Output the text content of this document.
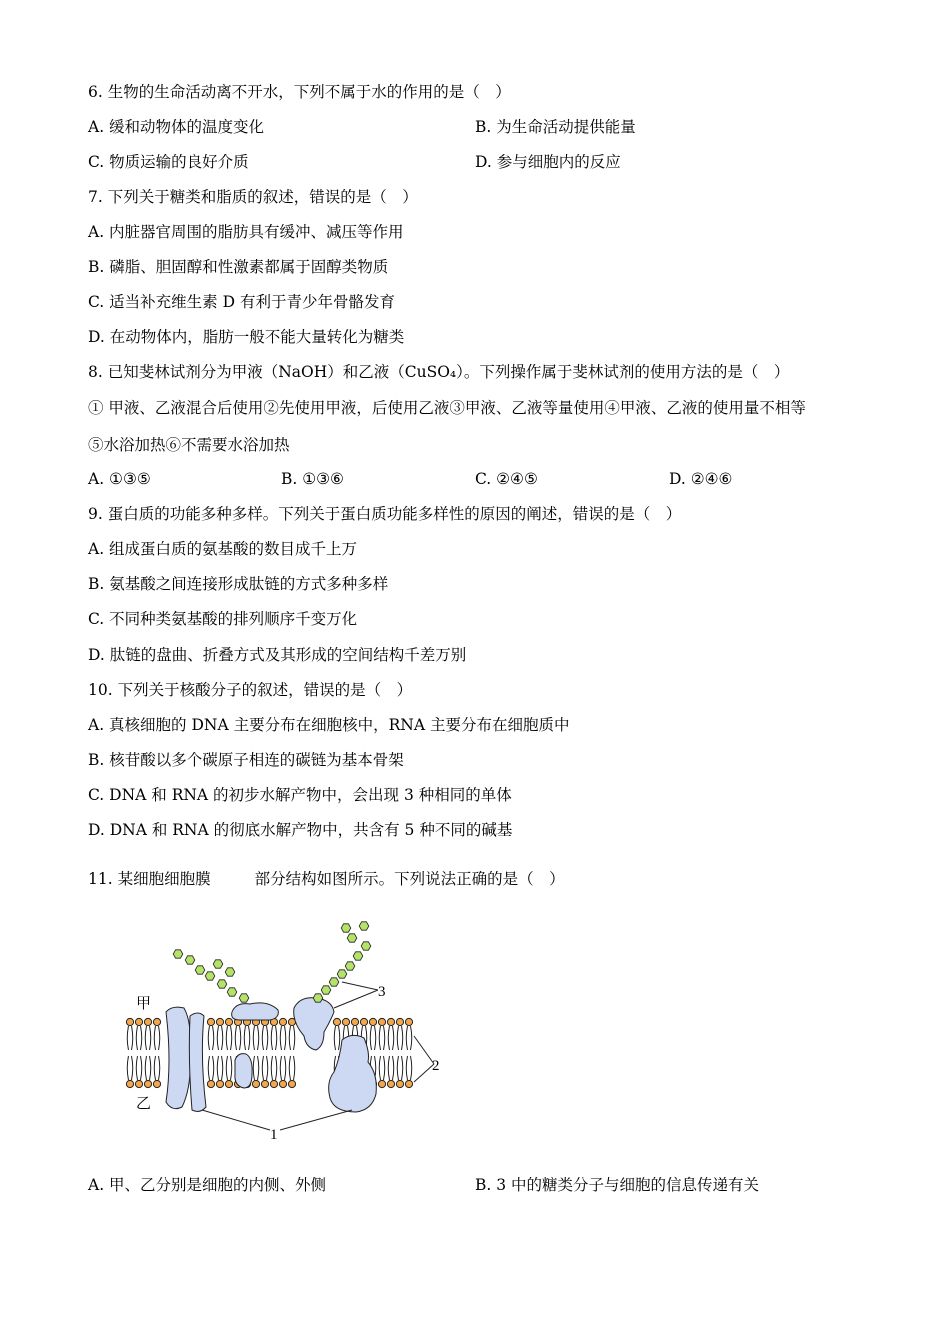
6. 生物的生命活动离不开水，下列不属于水的作用的是（　）
A. 缓和动物体的温度变化	B. 为生命活动提供能量
C. 物质运输的良好介质	D. 参与细胞内的反应
7. 下列关于糖类和脂质的叙述，错误的是（　）
A. 内脏器官周围的脂肪具有缓冲、减压等作用
B. 磷脂、胆固醇和性激素都属于固醇类物质
C. 适当补充维生素 D 有利于青少年骨骼发育
D. 在动物体内，脂肪一般不能大量转化为糖类
8. 已知斐林试剂分为甲液（NaOH）和乙液（CuSO₄）。下列操作属于斐林试剂的使用方法的是（　）
① 甲液、乙液混合后使用②先使用甲液，后使用乙液③甲液、乙液等量使用④甲液、乙液的使用量不相等
⑤水浴加热⑥不需要水浴加热
A. ①③⑤	B. ①③⑥	C. ②④⑤	D. ②④⑥
9. 蛋白质的功能多种多样。下列关于蛋白质功能多样性的原因的阐述，错误的是（　）
A. 组成蛋白质的氨基酸的数目成千上万
B. 氨基酸之间连接形成肽链的方式多种多样
C. 不同种类氨基酸的排列顺序千变万化
D. 肽链的盘曲、折叠方式及其形成的空间结构千差万别
10. 下列关于核酸分子的叙述，错误的是（　）
A. 真核细胞的 DNA 主要分布在细胞核中，RNA 主要分布在细胞质中
B. 核苷酸以多个碳原子相连的碳链为基本骨架
C. DNA 和 RNA 的初步水解产物中，会出现 3 种相同的单体
D. DNA 和 RNA 的彻底水解产物中，共含有 5 种不同的碱基
11. 某细胞细胞膜	部分结构如图所示。下列说法正确的是（　）
甲
乙
1
2
3
A. 甲、乙分别是细胞的内侧、外侧	B. 3 中的糖类分子与细胞的信息传递有关
